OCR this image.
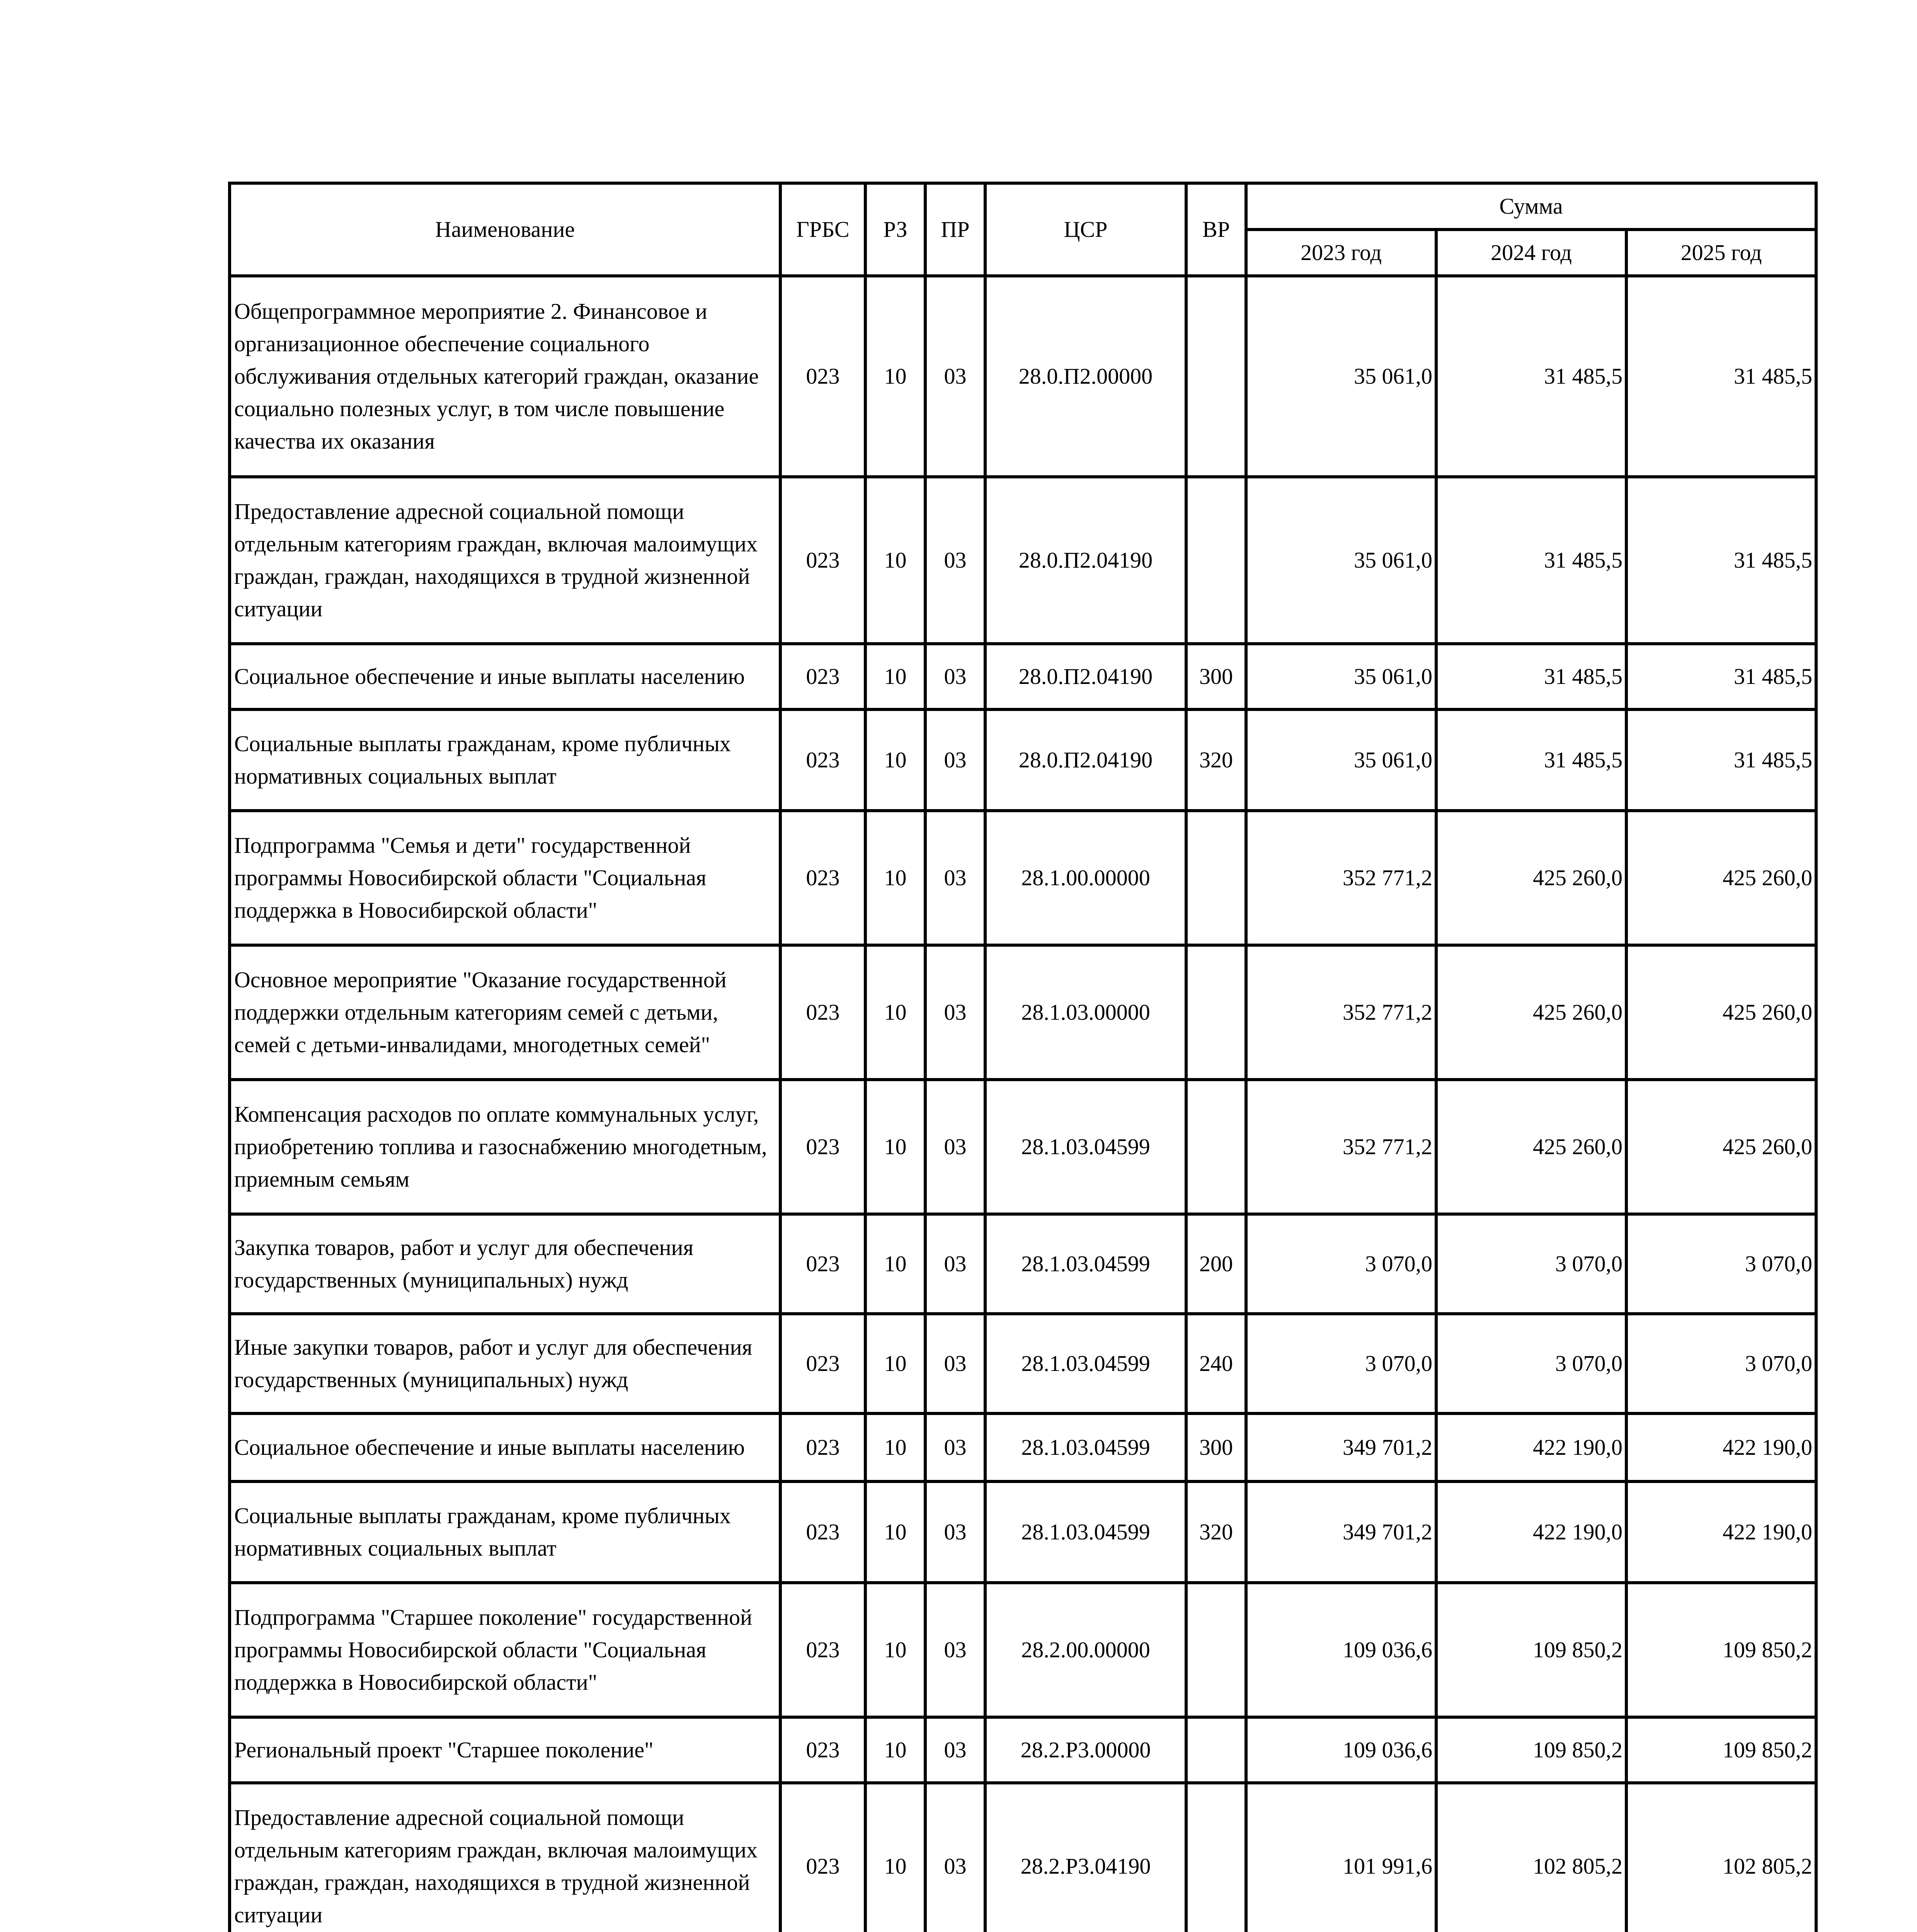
Наименование	ГРБС	РЗ	ПР	ЦСР	ВР	Сумма		
						2023 год	2024 год	2025 год
Общепрограммное мероприятие 2. Финансовое и организационное обеспечение социального обслуживания отдельных категорий граждан, оказание социально полезных услуг, в том числе повышение качества их оказания	023	10	03	28.0.П2.00000		35 061,0	31 485,5	31 485,5
Предоставление адресной социальной помощи отдельным категориям граждан, включая малоимущих граждан, граждан, находящихся в трудной жизненной ситуации	023	10	03	28.0.П2.04190		35 061,0	31 485,5	31 485,5
Социальное обеспечение и иные выплаты населению	023	10	03	28.0.П2.04190	300	35 061,0	31 485,5	31 485,5
Социальные выплаты гражданам, кроме публичных нормативных социальных выплат	023	10	03	28.0.П2.04190	320	35 061,0	31 485,5	31 485,5
Подпрограмма "Семья и дети" государственной программы Новосибирской области "Социальная поддержка в Новосибирской области"	023	10	03	28.1.00.00000		352 771,2	425 260,0	425 260,0
Основное мероприятие "Оказание государственной поддержки отдельным категориям семей с детьми, семей с детьми-инвалидами, многодетных семей"	023	10	03	28.1.03.00000		352 771,2	425 260,0	425 260,0
Компенсация расходов по оплате коммунальных услуг, приобретению топлива и газоснабжению многодетным, приемным семьям	023	10	03	28.1.03.04599		352 771,2	425 260,0	425 260,0
Закупка товаров, работ и услуг для обеспечения государственных (муниципальных) нужд	023	10	03	28.1.03.04599	200	3 070,0	3 070,0	3 070,0
Иные закупки товаров, работ и услуг для обеспечения государственных (муниципальных) нужд	023	10	03	28.1.03.04599	240	3 070,0	3 070,0	3 070,0
Социальное обеспечение и иные выплаты населению	023	10	03	28.1.03.04599	300	349 701,2	422 190,0	422 190,0
Социальные выплаты гражданам, кроме публичных нормативных социальных выплат	023	10	03	28.1.03.04599	320	349 701,2	422 190,0	422 190,0
Подпрограмма "Старшее поколение" государственной программы Новосибирской области "Социальная поддержка в Новосибирской области"	023	10	03	28.2.00.00000		109 036,6	109 850,2	109 850,2
Региональный проект "Старшее поколение"	023	10	03	28.2.Р3.00000		109 036,6	109 850,2	109 850,2
Предоставление адресной социальной помощи отдельным категориям граждан, включая малоимущих граждан, граждан, находящихся в трудной жизненной ситуации	023	10	03	28.2.Р3.04190		101 991,6	102 805,2	102 805,2
